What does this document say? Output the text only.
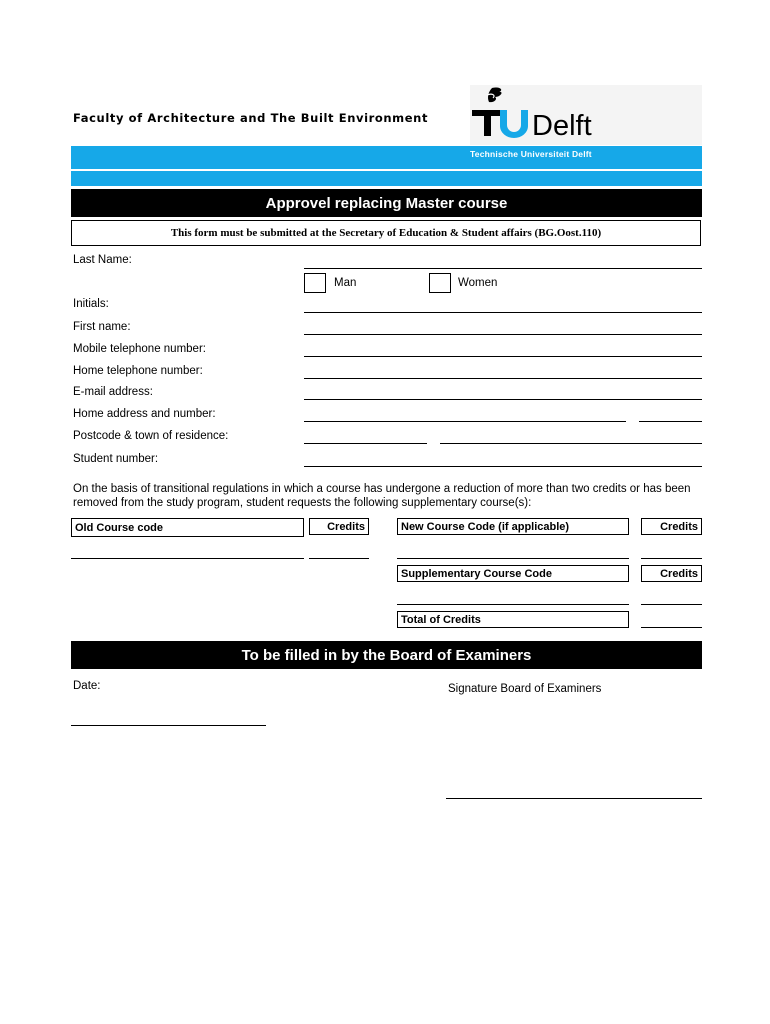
Faculty of Architecture and The Built Environment	Delft
Technische Universiteit Delft
Approvel replacing Master course
This form must be submitted at the Secretary of Education & Student affairs (BG.Oost.110)
Last Name:
Man	Women
Initials:
First name:
Mobile telephone number:
Home telephone number:
E-mail address:
Home address and number:
Postcode & town of residence:
Student number:
On the basis of transitional regulations in which a course has undergone a reduction of more than two credits or has been removed from the study program, student requests the following supplementary course(s):
Old Course code	Credits	New Course Code (if applicable)	Credits
Supplementary Course Code	Credits
Total of Credits
To be filled in by the Board of Examiners
Date:	Signature Board of Examiners
